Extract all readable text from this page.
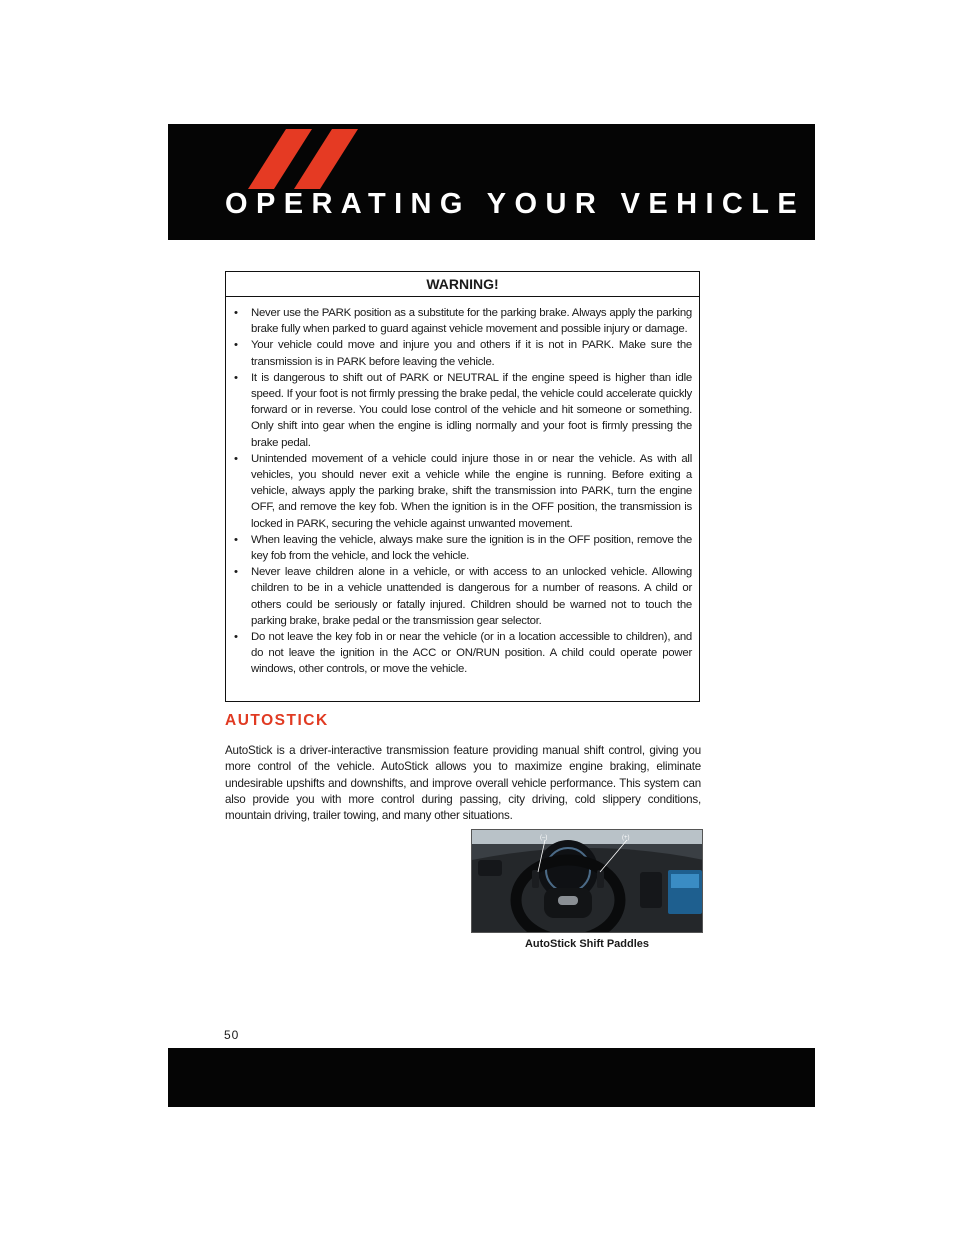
OPERATING YOUR VEHICLE
WARNING!
• Never use the PARK position as a substitute for the parking brake. Always apply the parking brake fully when parked to guard against vehicle movement and possible injury or damage.
• Your vehicle could move and injure you and others if it is not in PARK. Make sure the transmission is in PARK before leaving the vehicle.
• It is dangerous to shift out of PARK or NEUTRAL if the engine speed is higher than idle speed. If your foot is not firmly pressing the brake pedal, the vehicle could accelerate quickly forward or in reverse. You could lose control of the vehicle and hit someone or something. Only shift into gear when the engine is idling normally and your foot is firmly pressing the brake pedal.
• Unintended movement of a vehicle could injure those in or near the vehicle. As with all vehicles, you should never exit a vehicle while the engine is running. Before exiting a vehicle, always apply the parking brake, shift the transmission into PARK, turn the engine OFF, and remove the key fob. When the ignition is in the OFF position, the transmission is locked in PARK, securing the vehicle against unwanted movement.
• When leaving the vehicle, always make sure the ignition is in the OFF position, remove the key fob from the vehicle, and lock the vehicle.
• Never leave children alone in a vehicle, or with access to an unlocked vehicle. Allowing children to be in a vehicle unattended is dangerous for a number of reasons. A child or others could be seriously or fatally injured. Children should be warned not to touch the parking brake, brake pedal or the transmission gear selector.
• Do not leave the key fob in or near the vehicle (or in a location accessible to children), and do not leave the ignition in the ACC or ON/RUN position. A child could operate power windows, other controls, or move the vehicle.
AUTOSTICK

AutoStick is a driver-interactive transmission feature providing manual shift control, giving you more control of the vehicle. AutoStick allows you to maximize engine braking, eliminate undesirable upshifts and downshifts, and improve overall vehicle performance. This system can also provide you with more control during passing, city driving, cold slippery conditions, mountain driving, trailer towing, and many other situations.

(–)	(+)
AutoStick Shift Paddles
50
